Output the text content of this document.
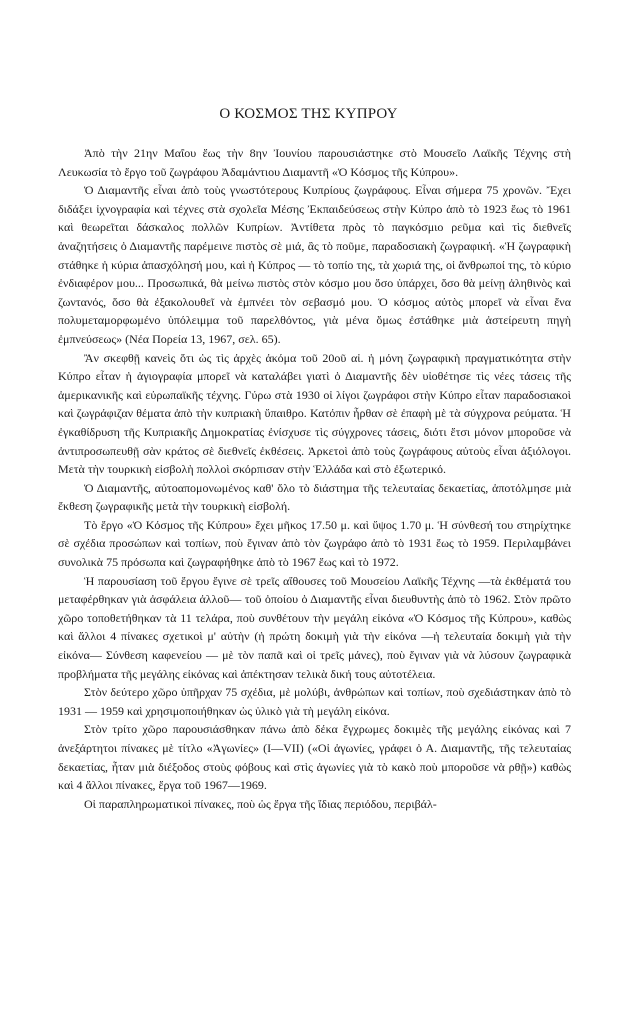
Ο ΚΟΣΜΟΣ ΤΗΣ ΚΥΠΡΟΥ

Ἀπὸ τὴν 21ην Μαΐου ἕως τὴν 8ην Ἰουνίου παρουσιάστηκε στὸ Μουσεῖο Λαϊκῆς Τέχνης στὴ Λευκωσία τὸ ἔργο τοῦ ζωγράφου Ἀδαμάντιου Διαμαντῆ «Ὁ Κόσμος τῆς Κύπρου».

Ὁ Διαμαντῆς εἶναι ἀπὸ τοὺς γνωστότερους Κυπρίους ζωγράφους. Εἶναι σήμερα 75 χρονῶν. Ἔχει διδάξει ἰχνογραφία καὶ τέχνες στὰ σχολεῖα Μέσης Ἐκπαιδεύσεως στὴν Κύπρο ἀπὸ τὸ 1923 ἕως τὸ 1961 καὶ θεωρεῖται δάσκαλος πολλῶν Κυπρίων. Ἀντίθετα πρὸς τὸ παγκόσμιο ρεῦμα καὶ τὶς διεθνεῖς ἀναζητήσεις ὁ Διαμαντῆς παρέμεινε πιστὸς σὲ μιά, ἂς τὸ ποῦμε, παραδοσιακὴ ζωγραφική. «Ἡ ζωγραφικὴ στάθηκε ἡ κύρια ἀπασχόλησή μου, καὶ ἡ Κύπρος — τὸ τοπίο της, τὰ χωριά της, οἱ ἄνθρωποί της, τὸ κύριο ἐνδιαφέρον μου... Προσωπικά, θὰ μείνω πιστὸς στὸν κόσμο μου ὅσο ὑπάρχει, ὅσο θὰ μείνῃ ἀληθινὸς καὶ ζωντανός, ὅσο θὰ ἐξακολουθεῖ νὰ ἐμπνέει τὸν σεβασμό μου. Ὁ κόσμος αὐτὸς μπορεῖ νὰ εἶναι ἕνα πολυμεταμορφωμένο ὑπόλειμμα τοῦ παρελθόντος, γιὰ μένα ὅμως ἐστάθηκε μιὰ ἀστείρευτη πηγὴ ἐμπνεύσεως» (Νέα Πορεία 13, 1967, σελ. 65).

Ἂν σκεφθῇ κανεὶς ὅτι ὡς τὶς ἀρχὲς ἀκόμα τοῦ 20οῦ αἰ. ἡ μόνη ζωγραφικὴ πραγματικότητα στὴν Κύπρο εἶταν ἡ ἁγιογραφία μπορεῖ νὰ καταλάβει γιατὶ ὁ Διαμαντῆς δὲν υἱοθέτησε τὶς νέες τάσεις τῆς ἀμερικανικῆς καὶ εὐρωπαϊκῆς τέχνης. Γύρω στὰ 1930 οἱ λίγοι ζωγράφοι στὴν Κύπρο εἶταν παραδοσιακοὶ καὶ ζωγράφιζαν θέματα ἀπὸ τὴν κυπριακὴ ὕπαιθρο. Κατόπιν ἦρθαν σὲ ἐπαφὴ μὲ τὰ σύγχρονα ρεύματα. Ἡ ἐγκαθίδρυση τῆς Κυπριακῆς Δημοκρατίας ἐνίσχυσε τὶς σύγχρονες τάσεις, διότι ἔτσι μόνον μποροῦσε νὰ ἀντιπροσωπευθῇ σὰν κράτος σὲ διεθνεῖς ἐκθέσεις. Ἀρκετοὶ ἀπὸ τοὺς ζωγράφους αὐτοὺς εἶναι ἀξιόλογοι. Μετὰ τὴν τουρκικὴ εἰσβολὴ πολλοὶ σκόρπισαν στὴν Ἑλλάδα καὶ στὸ ἐξωτερικό.

Ὁ Διαμαντῆς, αὐτοαπομονωμένος καθ' ὅλο τὸ διάστημα τῆς τελευταίας δεκαετίας, ἀποτόλμησε μιὰ ἔκθεση ζωγραφικῆς μετὰ τὴν τουρκικὴ εἰσβολή.

Τὸ ἔργο «Ὁ Κόσμος τῆς Κύπρου» ἔχει μῆκος 17.50 μ. καὶ ὕψος 1.70 μ. Ἡ σύνθεσή του στηρίχτηκε σὲ σχέδια προσώπων καὶ τοπίων, ποὺ ἔγιναν ἀπὸ τὸν ζωγράφο ἀπὸ τὸ 1931 ἕως τὸ 1959. Περιλαμβάνει συνολικὰ 75 πρόσωπα καὶ ζωγραφήθηκε ἀπὸ τὸ 1967 ἕως καὶ τὸ 1972.

Ἡ παρουσίαση τοῦ ἔργου ἔγινε σὲ τρεῖς αἴθουσες τοῦ Μουσείου Λαϊκῆς Τέχνης —τὰ ἐκθέματά του μεταφέρθηκαν γιὰ ἀσφάλεια ἀλλοῦ— τοῦ ὁποίου ὁ Διαμαντῆς εἶναι διευθυντὴς ἀπὸ τὸ 1962. Στὸν πρῶτο χῶρο τοποθετήθηκαν τὰ 11 τελάρα, ποὺ συνθέτουν τὴν μεγάλη εἰκόνα «Ὁ Κόσμος τῆς Κύπρου», καθὼς καὶ ἄλλοι 4 πίνακες σχετικοὶ μ' αὐτὴν (ἡ πρώτη δοκιμὴ γιὰ τὴν εἰκόνα —ἡ τελευταία δοκιμὴ γιὰ τὴν εἰκόνα— Σύνθεση καφενείου — μὲ τὸν παπᾶ καὶ οἱ τρεῖς μάνες), ποὺ ἔγιναν γιὰ νὰ λύσουν ζωγραφικὰ προβλήματα τῆς μεγάλης εἰκόνας καὶ ἀπέκτησαν τελικὰ δική τους αὐτοτέλεια.

Στὸν δεύτερο χῶρο ὑπῆρχαν 75 σχέδια, μὲ μολύβι, ἀνθρώπων καὶ τοπίων, ποὺ σχεδιάστηκαν ἀπὸ τὸ 1931 — 1959 καὶ χρησιμοποιήθηκαν ὡς ὑλικὸ γιὰ τὴ μεγάλη εἰκόνα.

Στὸν τρίτο χῶρο παρουσιάσθηκαν πάνω ἀπὸ δέκα ἔγχρωμες δοκιμὲς τῆς μεγάλης εἰκόνας καὶ 7 ἀνεξάρτητοι πίνακες μὲ τίτλο «Ἀγωνίες» (I—VII) («Οἱ ἀγωνίες, γράφει ὁ Α. Διαμαντῆς, τῆς τελευταίας δεκαετίας, ἦταν μιὰ διέξοδος στοὺς φόβους καὶ στὶς ἀγωνίες γιὰ τὸ κακὸ ποὺ μποροῦσε νὰ ρθῇ») καθὼς καὶ 4 ἄλλοι πίνακες, ἔργα τοῦ 1967—1969.

Οἱ παραπληρωματικοὶ πίνακες, ποὺ ὡς ἔργα τῆς ἴδιας περιόδου, περιβάλ-
